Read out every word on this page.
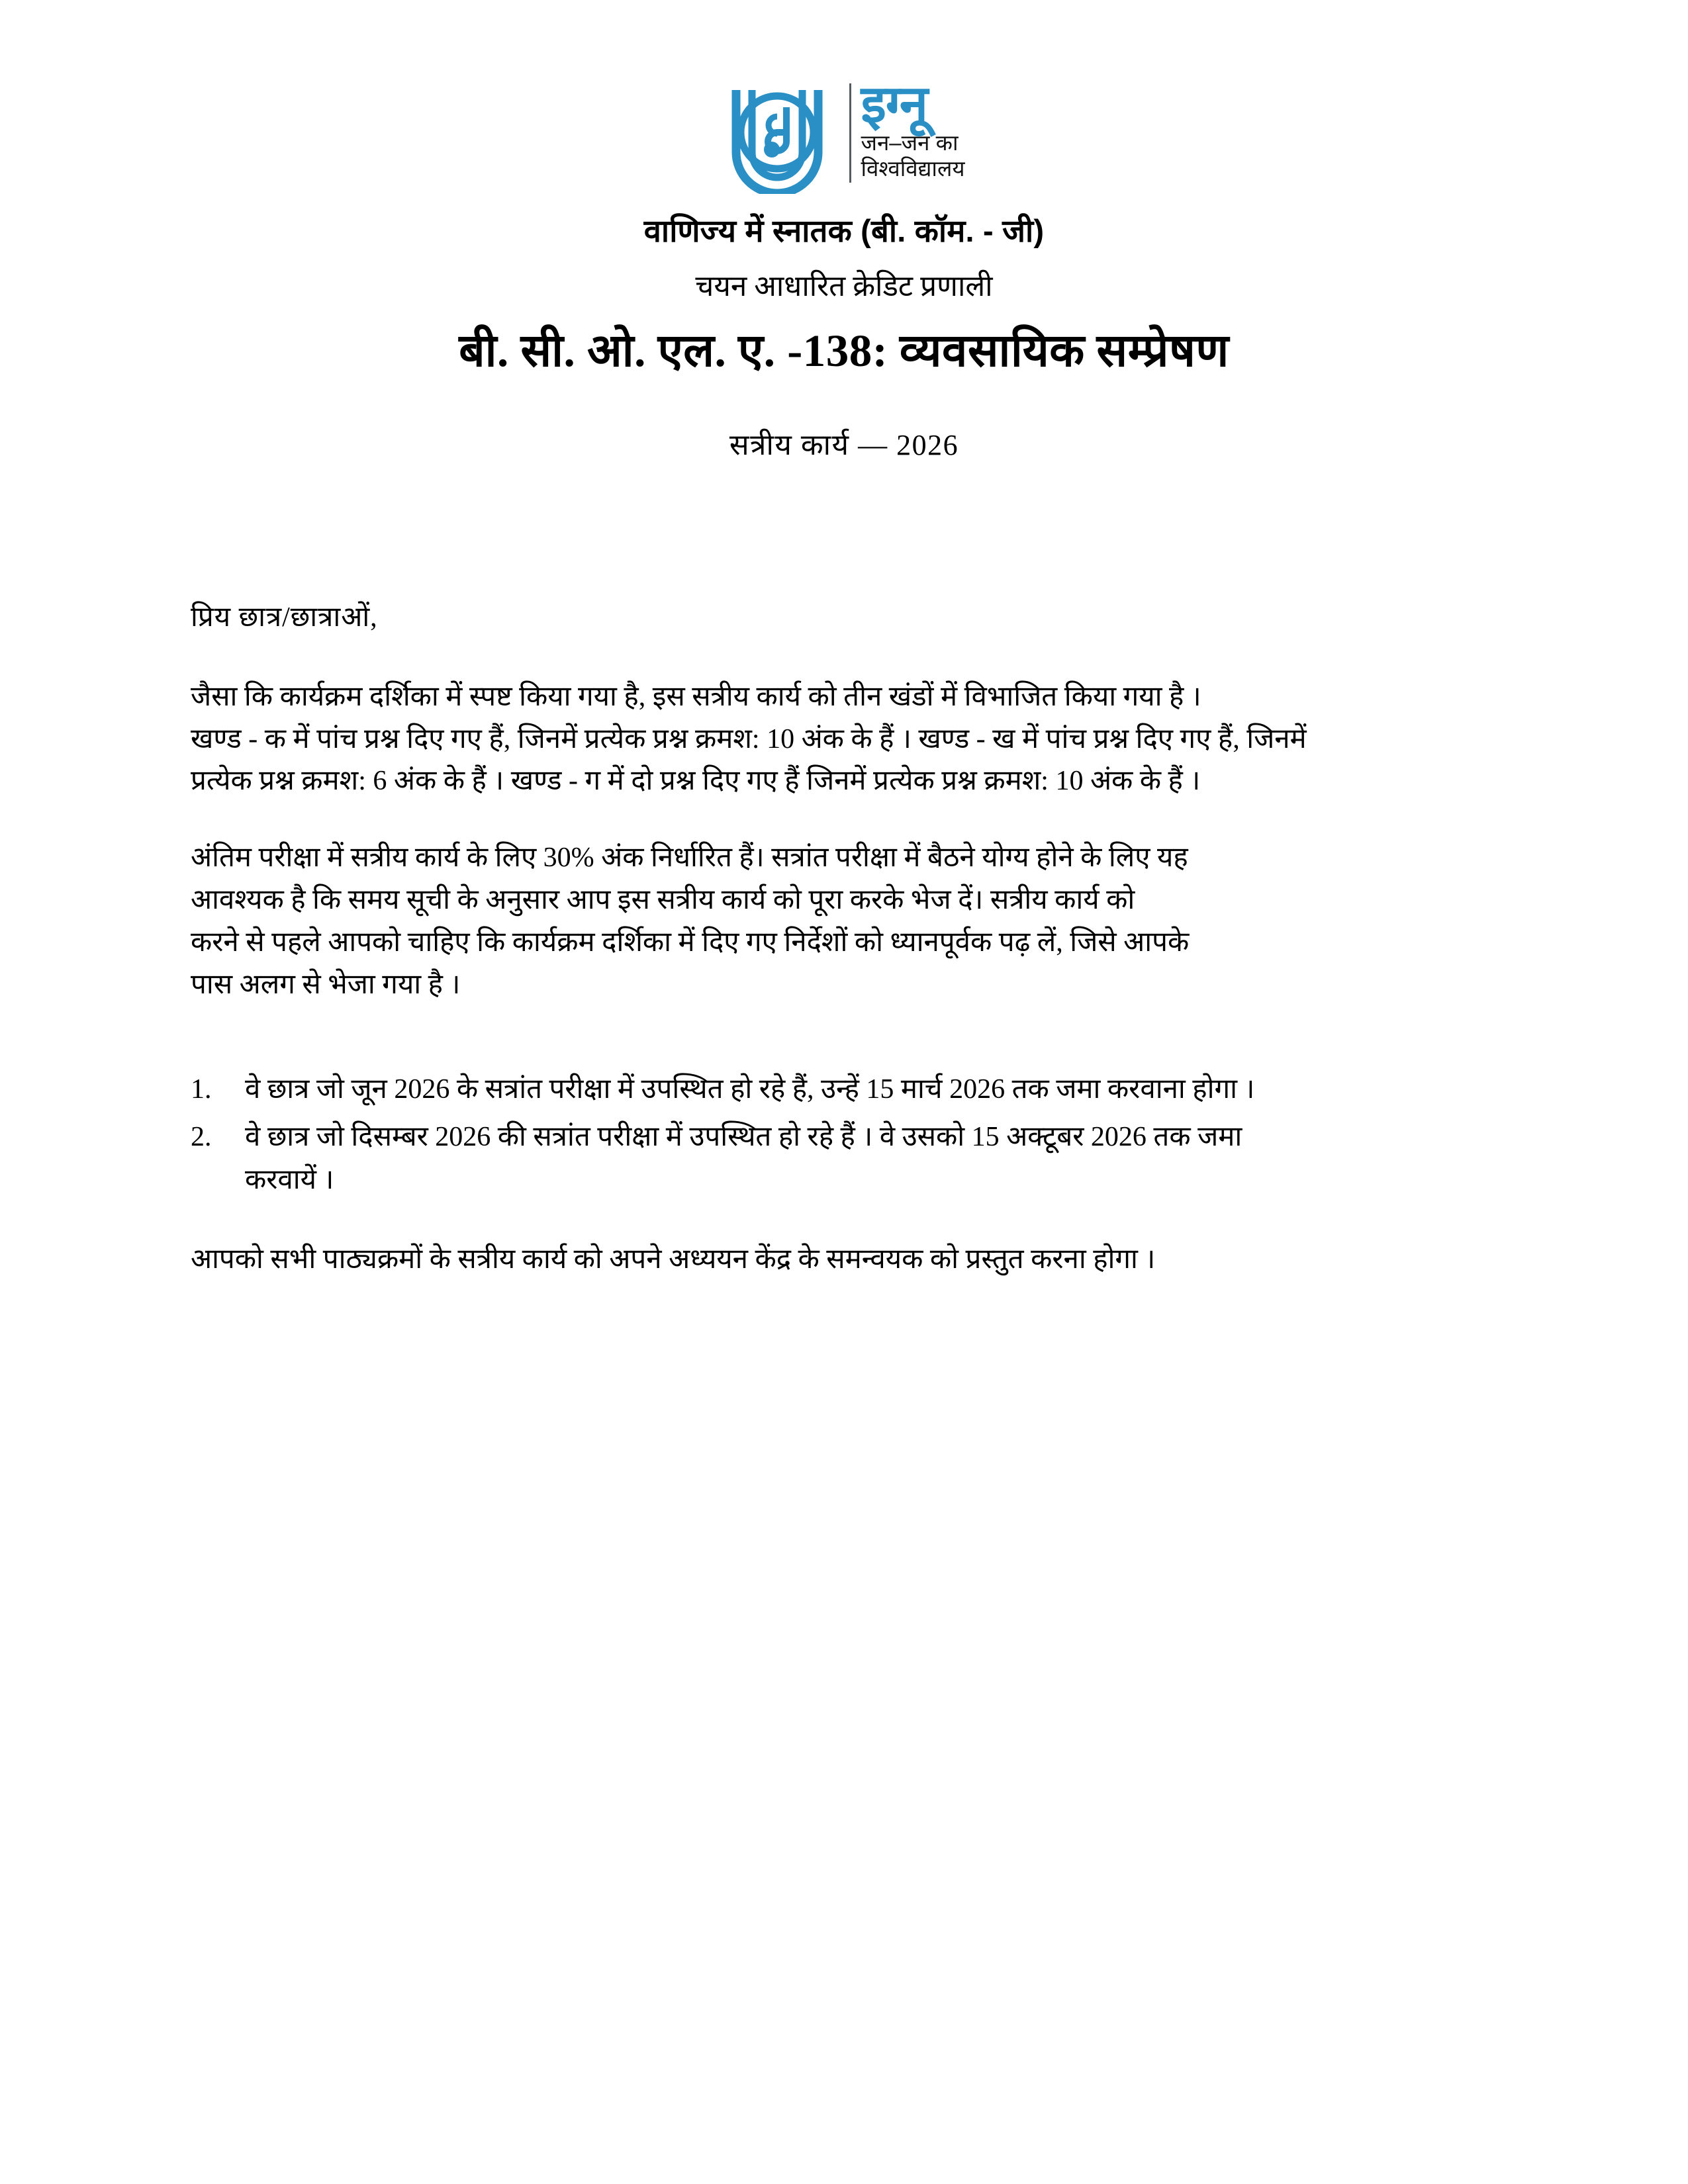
इग्नू
जन–जन का
विश्वविद्यालय
वाणिज्य में स्नातक (बी. कॉम. - जी)
चयन आधारित क्रेडिट प्रणाली
बी. सी. ओ. एल. ए. -138: व्यवसायिक सम्प्रेषण
सत्रीय कार्य — 2026
प्रिय छात्र/छात्राओं,
जैसा कि कार्यक्रम दर्शिका में स्पष्ट किया गया है, इस सत्रीय कार्य को तीन खंडों में विभाजित किया गया है ।
खण्ड - क में पांच प्रश्न दिए गए हैं, जिनमें प्रत्येक प्रश्न क्रमश: 10 अंक के हैं । खण्ड - ख में पांच प्रश्न दिए गए हैं, जिनमें
प्रत्येक प्रश्न क्रमश: 6 अंक के हैं । खण्ड - ग में दो प्रश्न दिए गए हैं जिनमें प्रत्येक प्रश्न क्रमश: 10 अंक के हैं ।
अंतिम परीक्षा में सत्रीय कार्य के लिए 30% अंक निर्धारित हैं। सत्रांत परीक्षा में बैठने योग्य होने के लिए यह
आवश्यक है कि समय सूची के अनुसार आप इस सत्रीय कार्य को पूरा करके भेज दें। सत्रीय कार्य को
करने से पहले आपको चाहिए कि कार्यक्रम दर्शिका में दिए गए निर्देशों को ध्यानपूर्वक पढ़ लें, जिसे आपके
पास अलग से भेजा गया है ।
1.	वे छात्र जो जून 2026 के सत्रांत परीक्षा में उपस्थित हो रहे हैं, उन्हें 15 मार्च 2026 तक जमा करवाना होगा ।
2.	वे छात्र जो दिसम्बर 2026 की सत्रांत परीक्षा में उपस्थित हो रहे हैं । वे उसको 15 अक्टूबर 2026 तक जमा
करवायें ।
आपको सभी पाठ्यक्रमों के सत्रीय कार्य को अपने अध्ययन केंद्र के समन्वयक को प्रस्तुत करना होगा ।
